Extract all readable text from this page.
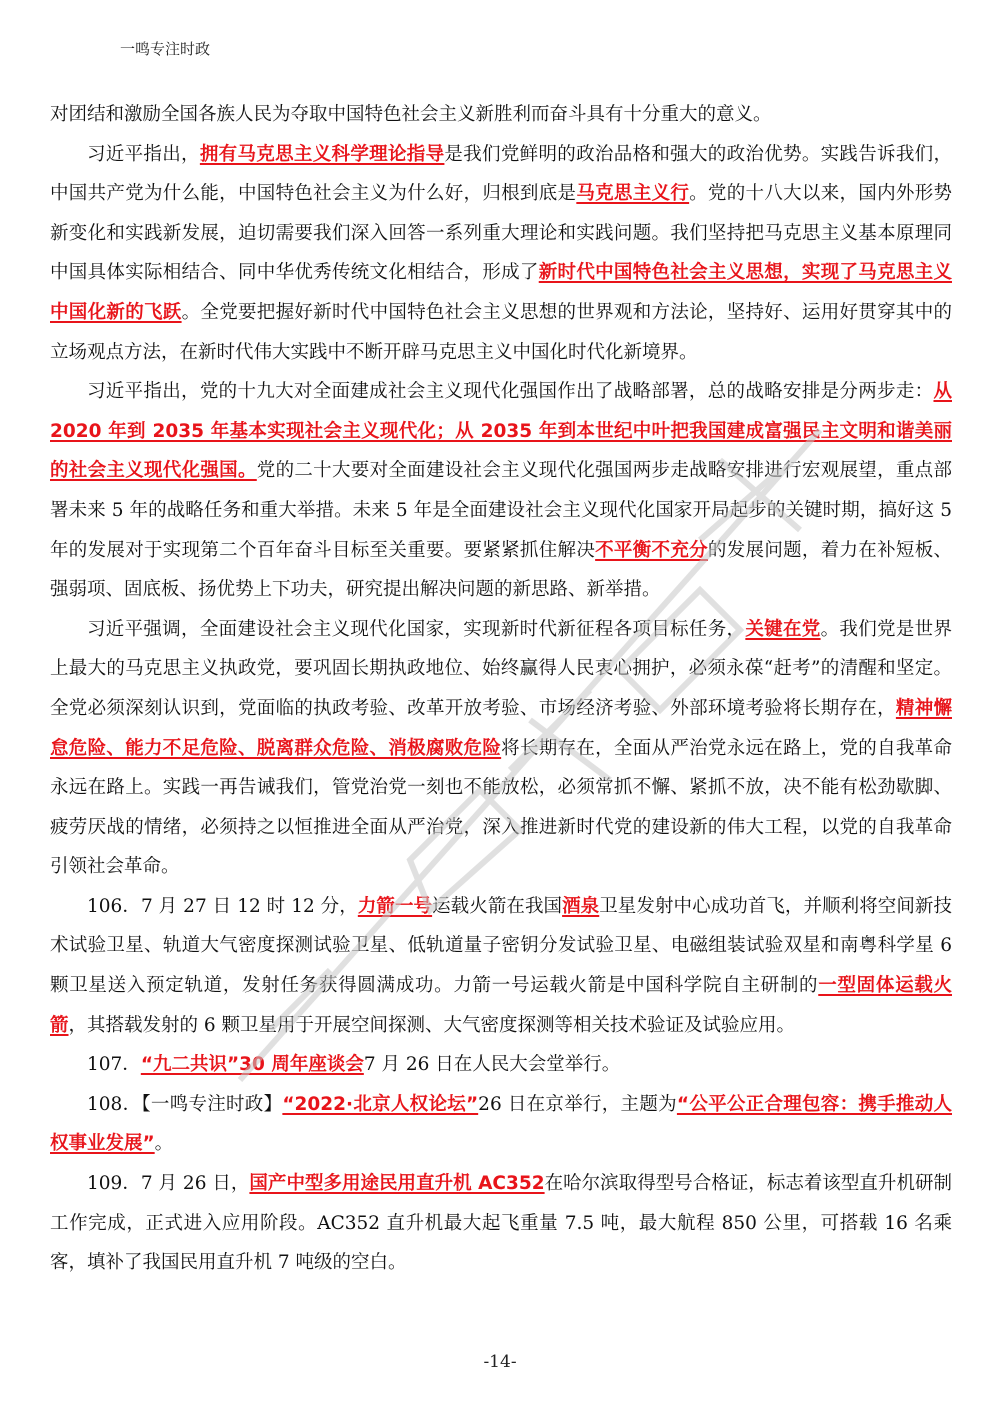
一鸣专注时政

对团结和激励全国各族人民为夺取中国特色社会主义新胜利而奋斗具有十分重大的意义。

习近平指出，拥有马克思主义科学理论指导是我们党鲜明的政治品格和强大的政治优势。实践告诉我们，中国共产党为什么能，中国特色社会主义为什么好，归根到底是马克思主义行。党的十八大以来，国内外形势新变化和实践新发展，迫切需要我们深入回答一系列重大理论和实践问题。我们坚持把马克思主义基本原理同中国具体实际相结合、同中华优秀传统文化相结合，形成了新时代中国特色社会主义思想，实现了马克思主义中国化新的飞跃。全党要把握好新时代中国特色社会主义思想的世界观和方法论，坚持好、运用好贯穿其中的立场观点方法，在新时代伟大实践中不断开辟马克思主义中国化时代化新境界。

习近平指出，党的十九大对全面建成社会主义现代化强国作出了战略部署，总的战略安排是分两步走：从 2020 年到 2035 年基本实现社会主义现代化；从 2035 年到本世纪中叶把我国建成富强民主文明和谐美丽的社会主义现代化强国。党的二十大要对全面建设社会主义现代化强国两步走战略安排进行宏观展望，重点部署未来 5 年的战略任务和重大举措。未来 5 年是全面建设社会主义现代化国家开局起步的关键时期，搞好这 5 年的发展对于实现第二个百年奋斗目标至关重要。要紧紧抓住解决不平衡不充分的发展问题，着力在补短板、强弱项、固底板、扬优势上下功夫，研究提出解决问题的新思路、新举措。

习近平强调，全面建设社会主义现代化国家，实现新时代新征程各项目标任务，关键在党。我们党是世界上最大的马克思主义执政党，要巩固长期执政地位、始终赢得人民衷心拥护，必须永葆“赶考”的清醒和坚定。全党必须深刻认识到，党面临的执政考验、改革开放考验、市场经济考验、外部环境考验将长期存在，精神懈怠危险、能力不足危险、脱离群众危险、消极腐败危险将长期存在，全面从严治党永远在路上，党的自我革命永远在路上。实践一再告诫我们，管党治党一刻也不能放松，必须常抓不懈、紧抓不放，决不能有松劲歇脚、疲劳厌战的情绪，必须持之以恒推进全面从严治党，深入推进新时代党的建设新的伟大工程，以党的自我革命引领社会革命。

106．7 月 27 日 12 时 12 分，力箭一号运载火箭在我国酒泉卫星发射中心成功首飞，并顺利将空间新技术试验卫星、轨道大气密度探测试验卫星、低轨道量子密钥分发试验卫星、电磁组装试验双星和南粤科学星 6 颗卫星送入预定轨道，发射任务获得圆满成功。力箭一号运载火箭是中国科学院自主研制的一型固体运载火箭，其搭载发射的 6 颗卫星用于开展空间探测、大气密度探测等相关技术验证及试验应用。

107．“九二共识”30 周年座谈会7 月 26 日在人民大会堂举行。

108．【一鸣专注时政】“2022·北京人权论坛”26 日在京举行，主题为“公平公正合理包容：携手推动人权事业发展”。

109．7 月 26 日，国产中型多用途民用直升机 AC352在哈尔滨取得型号合格证，标志着该型直升机研制工作完成，正式进入应用阶段。AC352 直升机最大起飞重量 7.5 吨，最大航程 850 公里，可搭载 16 名乘客，填补了我国民用直升机 7 吨级的空白。

-14-
